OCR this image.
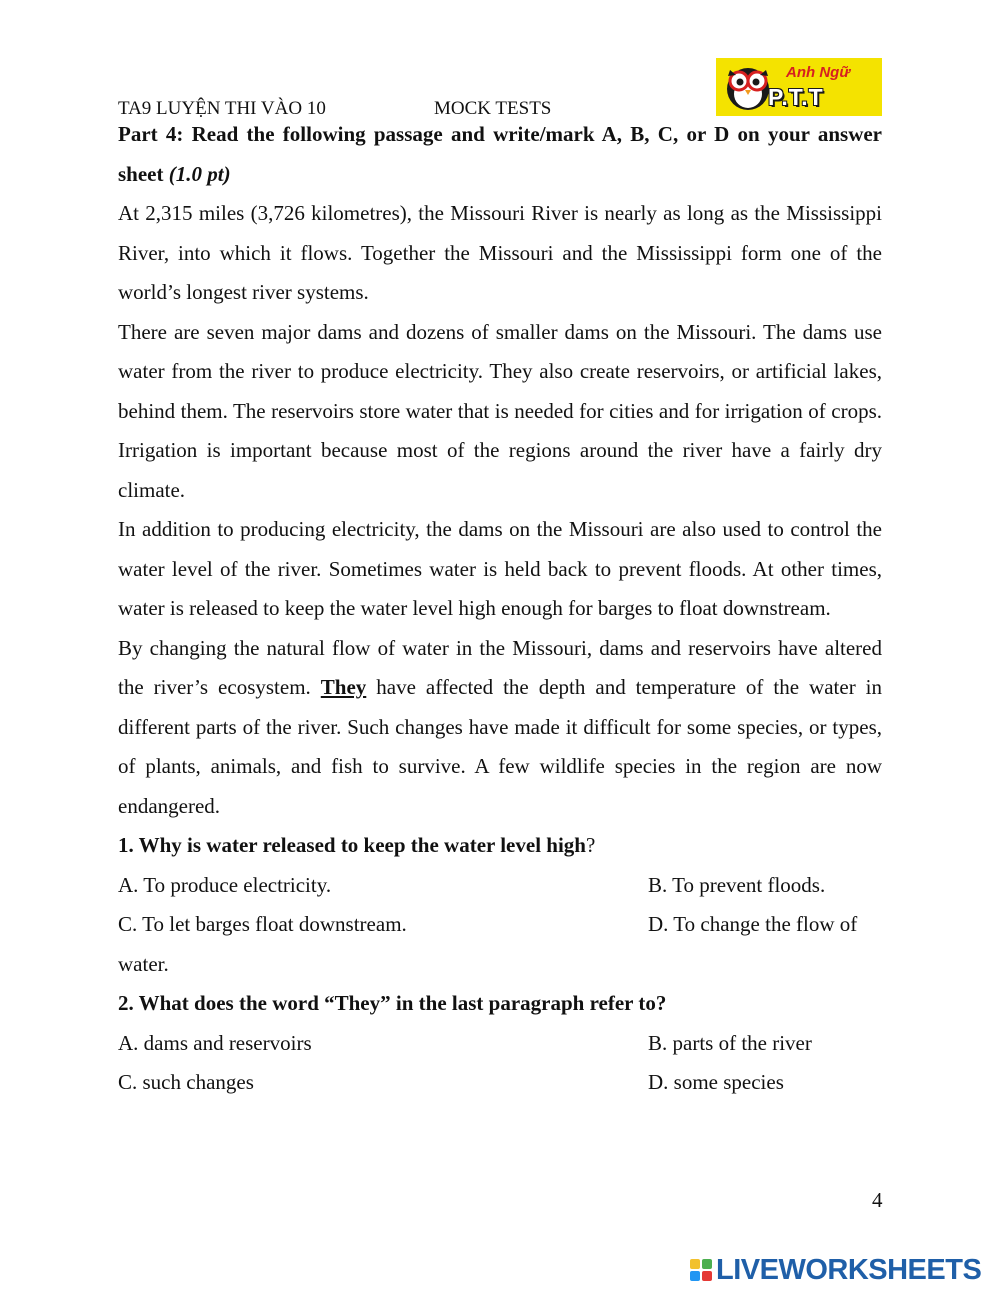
TA9 LUYỆN THI VÀO 10	MOCK TESTS
Anh Ngữ
P.T.T

Part 4: Read the following passage and write/mark A, B, C, or D on your answer sheet (1.0 pt)

At 2,315 miles (3,726 kilometres), the Missouri River is nearly as long as the Mississippi River, into which it flows. Together the Missouri and the Mississippi form one of the world’s longest river systems.

There are seven major dams and dozens of smaller dams on the Missouri. The dams use water from the river to produce electricity. They also create reservoirs, or artificial lakes, behind them. The reservoirs store water that is needed for cities and for irrigation of crops. Irrigation is important because most of the regions around the river have a fairly dry climate.

In addition to producing electricity, the dams on the Missouri are also used to control the water level of the river. Sometimes water is held back to prevent floods. At other times, water is released to keep the water level high enough for barges to float downstream.

By changing the natural flow of water in the Missouri, dams and reservoirs have altered the river’s ecosystem. They have affected the depth and temperature of the water in different parts of the river. Such changes have made it difficult for some species, or types, of plants, animals, and fish to survive. A few wildlife species in the region are now endangered.

1. Why is water released to keep the water level high?

A. To produce electricity.	B. To prevent floods.
C. To let barges float downstream.	D. To change the flow of

water.

2. What does the word “They” in the last paragraph refer to?

A. dams and reservoirs	B. parts of the river
C. such changes	D. some species
4
LIVEWORKSHEETS
